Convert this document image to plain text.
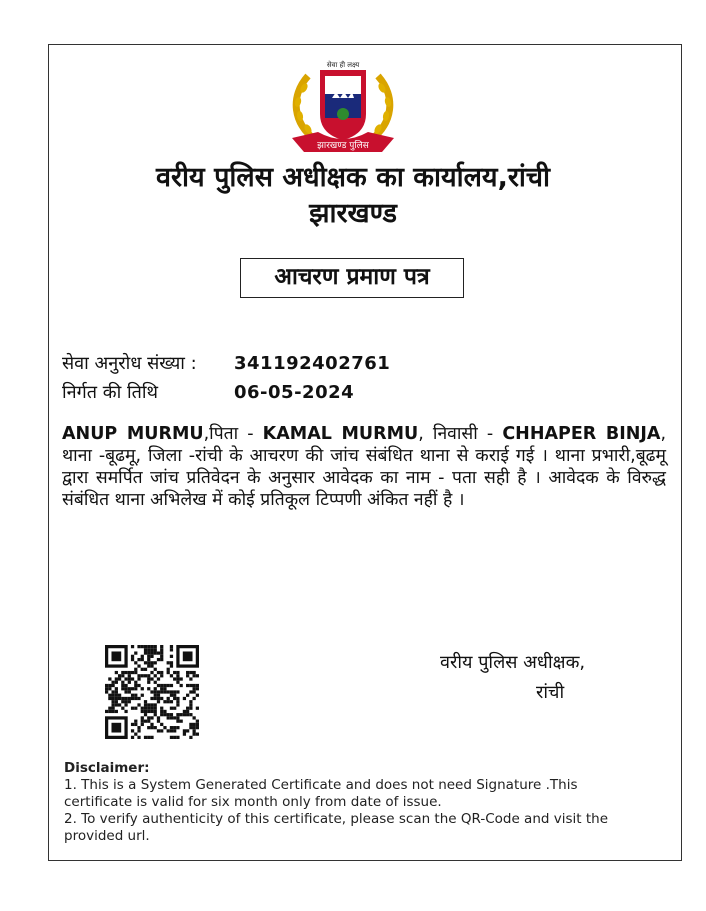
झारखण्ड पुलिस
सेवा ही लक्ष्य
वरीय पुलिस अधीक्षक का कार्यालय,रांची
झारखण्ड
आचरण प्रमाण पत्र
सेवा अनुरोध संख्या : 341192402761
निर्गत की तिथि	06-05-2024
ANUP MURMU,पिता - KAMAL MURMU, निवासी - CHHAPER BINJA, थाना -बूढमू, जिला -रांची के आचरण की जांच संबंधित थाना से कराई गई । थाना प्रभारी,बूढमू द्वारा समर्पित जांच प्रतिवेदन के अनुसार आवेदक का नाम - पता सही है । आवेदक के विरुद्ध संबंधित थाना अभिलेख में कोई प्रतिकूल टिप्पणी अंकित नहीं है ।
वरीय पुलिस अधीक्षक,
रांची
Disclaimer:
1. This is a System Generated Certificate and does not need Signature .This certificate is valid for six month only from date of issue.
2. To verify authenticity of this certificate, please scan the QR-Code and visit the provided url.
